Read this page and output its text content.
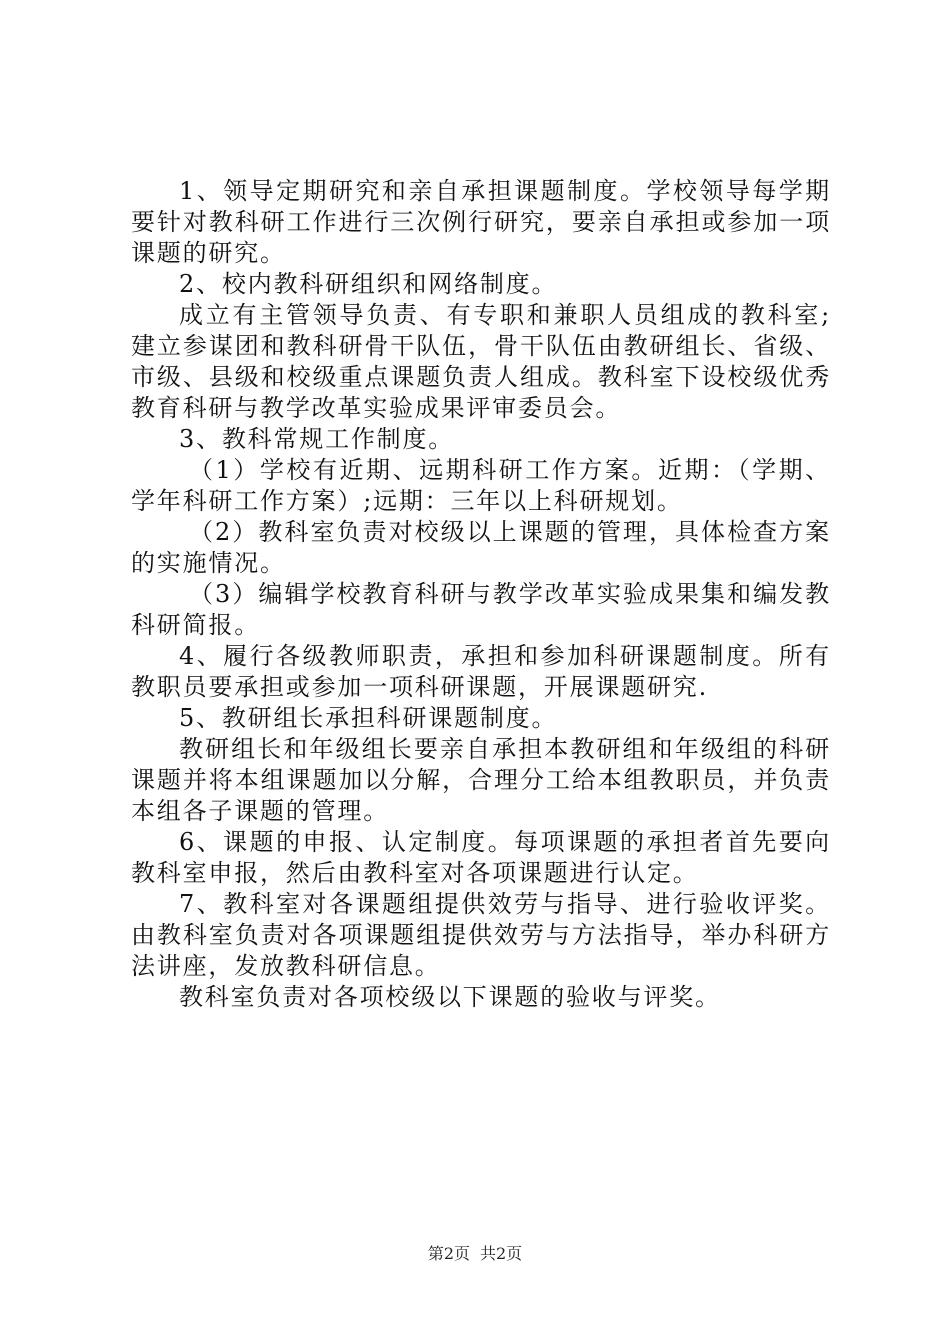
1、领导定期研究和亲自承担课题制度。学校领导每学期要针对教科研工作进行三次例行研究，要亲自承担或参加一项课题的研究。

2、校内教科研组织和网络制度。

成立有主管领导负责、有专职和兼职人员组成的教科室;建立参谋团和教科研骨干队伍，骨干队伍由教研组长、省级、市级、县级和校级重点课题负责人组成。教科室下设校级优秀教育科研与教学改革实验成果评审委员会。

3、教科常规工作制度。

（1）学校有近期、远期科研工作方案。近期：（学期、学年科研工作方案）;远期：三年以上科研规划。

（2）教科室负责对校级以上课题的管理，具体检查方案的实施情况。

（3）编辑学校教育科研与教学改革实验成果集和编发教科研简报。

4、履行各级教师职责，承担和参加科研课题制度。所有教职员要承担或参加一项科研课题，开展课题研究.

5、教研组长承担科研课题制度。

教研组长和年级组长要亲自承担本教研组和年级组的科研课题并将本组课题加以分解，合理分工给本组教职员，并负责本组各子课题的管理。

6、课题的申报、认定制度。每项课题的承担者首先要向教科室申报，然后由教科室对各项课题进行认定。

7、教科室对各课题组提供效劳与指导、进行验收评奖。由教科室负责对各项课题组提供效劳与方法指导，举办科研方法讲座，发放教科研信息。

教科室负责对各项校级以下课题的验收与评奖。

第2页 共2页
